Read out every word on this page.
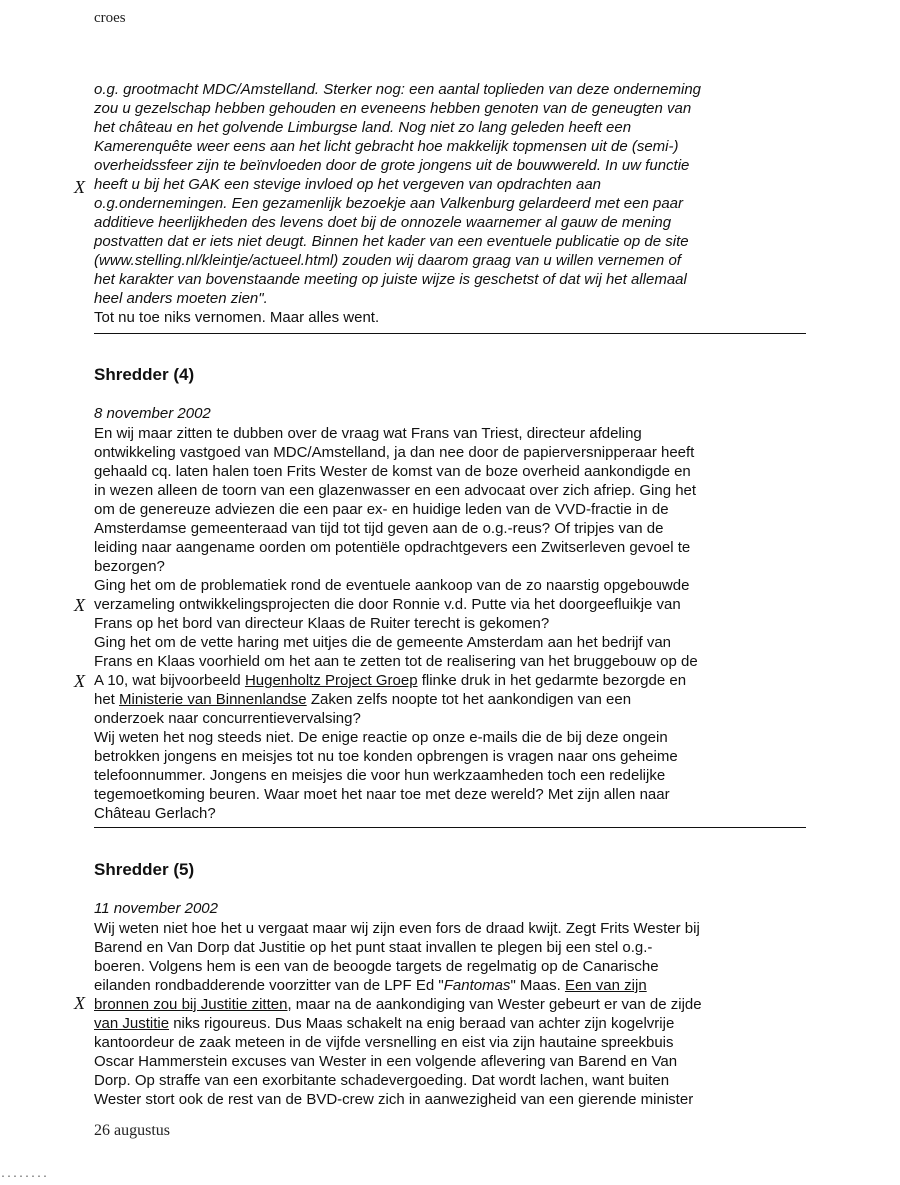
croes
o.g. grootmacht MDC/Amstelland. Sterker nog: een aantal toplieden van deze onderneming
zou u gezelschap hebben gehouden en eveneens hebben genoten van de geneugten van
het château en het golvende Limburgse land. Nog niet zo lang geleden heeft een
Kamerenquête weer eens aan het licht gebracht hoe makkelijk topmensen uit de (semi-)
overheidssfeer zijn te beïnvloeden door de grote jongens uit de bouwwereld. In uw functie
heeft u bij het GAK een stevige invloed op het vergeven van opdrachten aan
o.g.ondernemingen. Een gezamenlijk bezoekje aan Valkenburg gelardeerd met een paar
additieve heerlijkheden des levens doet bij de onnozele waarnemer al gauw de mening
postvatten dat er iets niet deugt. Binnen het kader van een eventuele publicatie op de site
(www.stelling.nl/kleintje/actueel.html) zouden wij daarom graag van u willen vernemen of
het karakter van bovenstaande meeting op juiste wijze is geschetst of dat wij het allemaal
heel anders moeten zien".
Tot nu toe niks vernomen. Maar alles went.
X
Shredder (4)
8 november 2002
En wij maar zitten te dubben over de vraag wat Frans van Triest, directeur afdeling
ontwikkeling vastgoed van MDC/Amstelland, ja dan nee door de papierversnipperaar heeft
gehaald cq. laten halen toen Frits Wester de komst van de boze overheid aankondigde en
in wezen alleen de toorn van een glazenwasser en een advocaat over zich afriep. Ging het
om de genereuze adviezen die een paar ex- en huidige leden van de VVD-fractie in de
Amsterdamse gemeenteraad van tijd tot tijd geven aan de o.g.-reus? Of tripjes van de
leiding naar aangename oorden om potentiële opdrachtgevers een Zwitserleven gevoel te
bezorgen?
Ging het om de problematiek rond de eventuele aankoop van de zo naarstig opgebouwde
verzameling ontwikkelingsprojecten die door Ronnie v.d. Putte via het doorgeefluikje van
Frans op het bord van directeur Klaas de Ruiter terecht is gekomen?
Ging het om de vette haring met uitjes die de gemeente Amsterdam aan het bedrijf van
Frans en Klaas voorhield om het aan te zetten tot de realisering van het bruggebouw op de
A 10, wat bijvoorbeeld Hugenholtz Project Groep flinke druk in het gedarmte bezorgde en
het Ministerie van Binnenlandse Zaken zelfs noopte tot het aankondigen van een
onderzoek naar concurrentievervalsing?
Wij weten het nog steeds niet. De enige reactie op onze e-mails die de bij deze ongein
betrokken jongens en meisjes tot nu toe konden opbrengen is vragen naar ons geheime
telefoonnummer. Jongens en meisjes die voor hun werkzaamheden toch een redelijke
tegemoetkoming beuren. Waar moet het naar toe met deze wereld? Met zijn allen naar
Château Gerlach?
X
X
Shredder (5)
11 november 2002
Wij weten niet hoe het u vergaat maar wij zijn even fors de draad kwijt. Zegt Frits Wester bij
Barend en Van Dorp dat Justitie op het punt staat invallen te plegen bij een stel o.g.-
boeren. Volgens hem is een van de beoogde targets de regelmatig op de Canarische
eilanden rondbadderende voorzitter van de LPF Ed "Fantomas" Maas. Een van zijn
bronnen zou bij Justitie zitten, maar na de aankondiging van Wester gebeurt er van de zijde
van Justitie niks rigoureus. Dus Maas schakelt na enig beraad van achter zijn kogelvrije
kantoordeur de zaak meteen in de vijfde versnelling en eist via zijn hautaine spreekbuis
Oscar Hammerstein excuses van Wester in een volgende aflevering van Barend en Van
Dorp. Op straffe van een exorbitante schadevergoeding. Dat wordt lachen, want buiten
Wester stort ook de rest van de BVD-crew zich in aanwezigheid van een gierende minister
X
26 augustus
........
